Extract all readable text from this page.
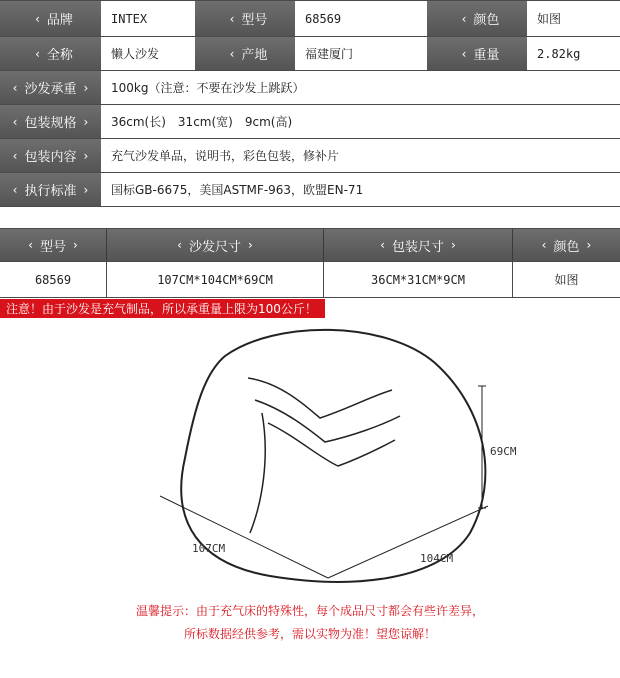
‹ 品牌	INTEX	‹ 型号	68569	‹ 颜色	如图
‹ 全称	懒人沙发	‹ 产地	福建厦门	‹ 重量	2.82kg
‹ 沙发承重 ›	100kg（注意：不要在沙发上跳跃）
‹ 包装规格 ›	36cm(长)　31cm(宽)　9cm(高)
‹ 包装内容 ›	充气沙发单品，说明书，彩色包装，修补片
‹ 执行标准 ›	国标GB-6675，美国ASTMF-963，欧盟EN-71
‹ 型号 ›	‹ 沙发尺寸 ›	‹ 包装尺寸 ›	‹ 颜色 ›
68569	107CM*104CM*69CM	36CM*31CM*9CM	如图
注意！由于沙发是充气制品，所以承重量上限为100公斤！
69CM
107CM
104CM
温馨提示：由于充气床的特殊性，每个成品尺寸都会有些许差异，
所标数据经供参考，需以实物为准！望您谅解！
